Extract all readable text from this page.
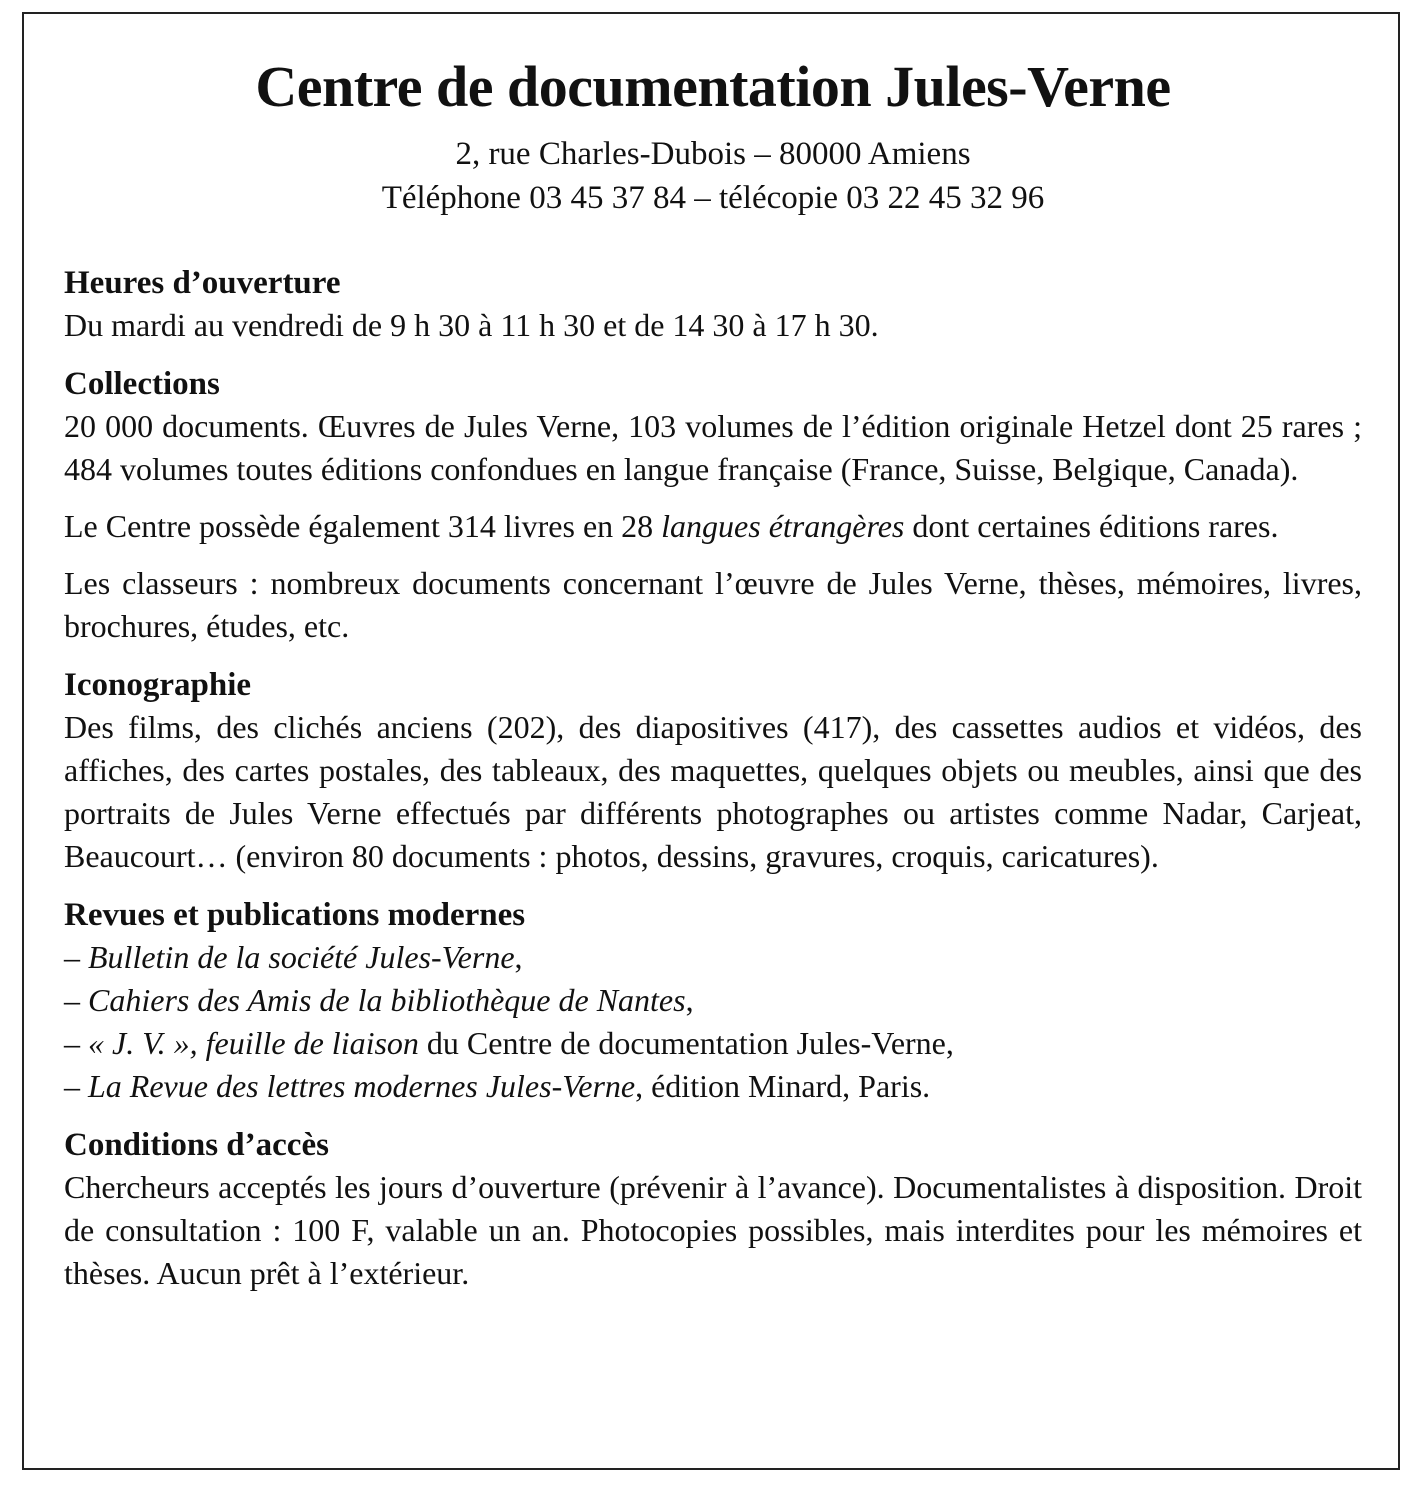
Centre de documentation Jules-Verne
2, rue Charles-Dubois – 80000 Amiens
Téléphone 03 45 37 84 – télécopie 03 22 45 32 96
Heures d’ouverture

Du mardi au vendredi de 9 h 30 à 11 h 30 et de 14 30 à 17 h 30.

Collections

20 000 documents. Œuvres de Jules Verne, 103 volumes de l’édition originale Hetzel dont 25 rares ; 484 volumes toutes éditions confondues en langue française (France, Suisse, Belgique, Canada).

Le Centre possède également 314 livres en 28 langues étrangères dont certaines éditions rares.

Les classeurs : nombreux documents concernant l’œuvre de Jules Verne, thèses, mémoires, livres, brochures, études, etc.

Iconographie

Des films, des clichés anciens (202), des diapositives (417), des cassettes audios et vidéos, des affiches, des cartes postales, des tableaux, des maquettes, quelques objets ou meubles, ainsi que des portraits de Jules Verne effectués par différents photographes ou artistes comme Nadar, Carjeat, Beaucourt… (environ 80 documents : photos, dessins, gravures, croquis, caricatures).

Revues et publications modernes
– Bulletin de la société Jules-Verne,
– Cahiers des Amis de la bibliothèque de Nantes,
– « J. V. », feuille de liaison du Centre de documentation Jules-Verne,
– La Revue des lettres modernes Jules-Verne, édition Minard, Paris.
Conditions d’accès

Chercheurs acceptés les jours d’ouverture (prévenir à l’avance). Documentalistes à disposition. Droit de consultation : 100 F, valable un an. Photocopies possibles, mais interdites pour les mémoires et thèses. Aucun prêt à l’extérieur.
